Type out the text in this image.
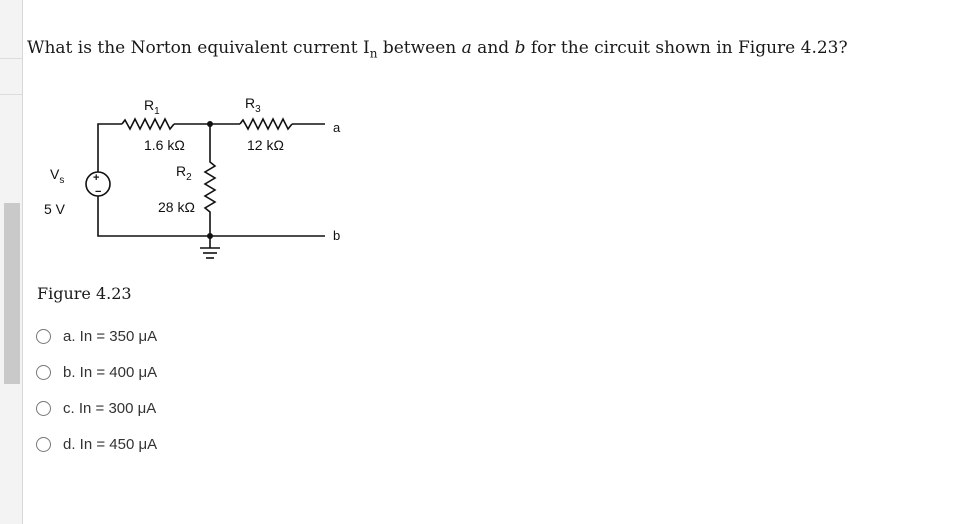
What is the Norton equivalent current $I_n$ between a and b for the circuit shown in Figure 4.23?

+
−
$V_s$
5 V
$R_1$
1.6 kΩ
$R_2$
28 kΩ
$R_3$
12 kΩ
a
b

Figure 4.23

a. In = 350 μA
b. In = 400 μA
c. In = 300 μA
d. In = 450 μA
